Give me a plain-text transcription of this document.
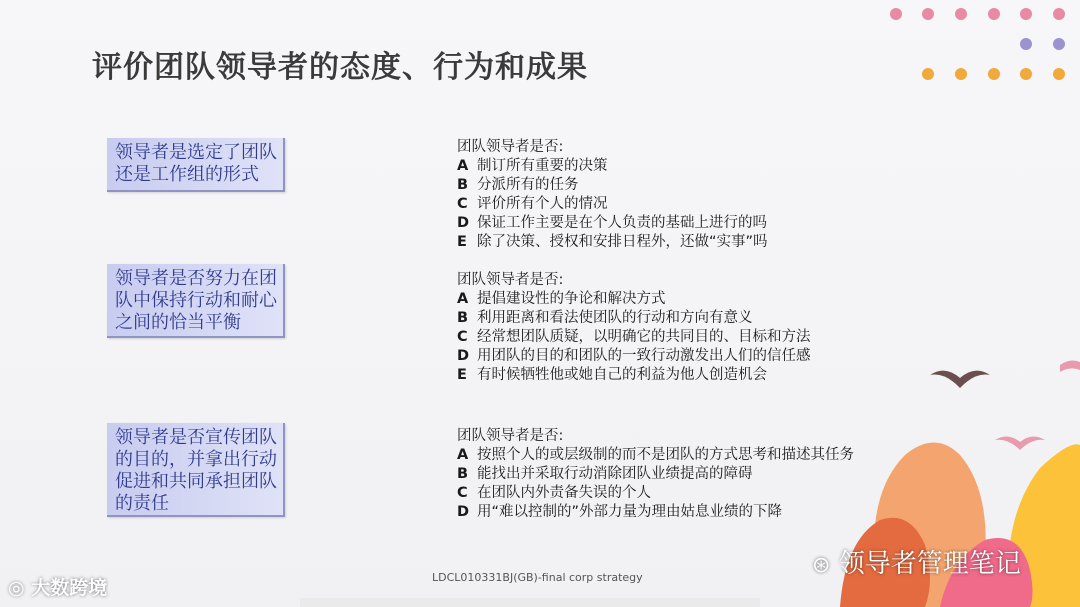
评价团队领导者的态度、行为和成果
领导者是选定了团队还是工作组的形式
团队领导者是否:
A 制订所有重要的决策
B 分派所有的任务
C 评价所有个人的情况
D 保证工作主要是在个人负责的基础上进行的吗
E 除了决策、授权和安排日程外，还做“实事”吗
领导者是否努力在团队中保持行动和耐心之间的恰当平衡
团队领导者是否:
A 提倡建设性的争论和解决方式
B 利用距离和看法使团队的行动和方向有意义
C 经常想团队质疑，以明确它的共同目的、目标和方法
D 用团队的目的和团队的一致行动激发出人们的信任感
E 有时候牺牲他或她自己的利益为他人创造机会
领导者是否宣传团队的目的，并拿出行动促进和共同承担团队的责任
团队领导者是否:
A 按照个人的或层级制的而不是团队的方式思考和描述其任务
B 能找出并采取行动消除团队业绩提高的障碍
C 在团队内外责备失误的个人
D 用“难以控制的”外部力量为理由姑息业绩的下降
LDCL010331BJ(GB)-final corp strategy
◎ 大数跨境
⊛ 领导者管理笔记
